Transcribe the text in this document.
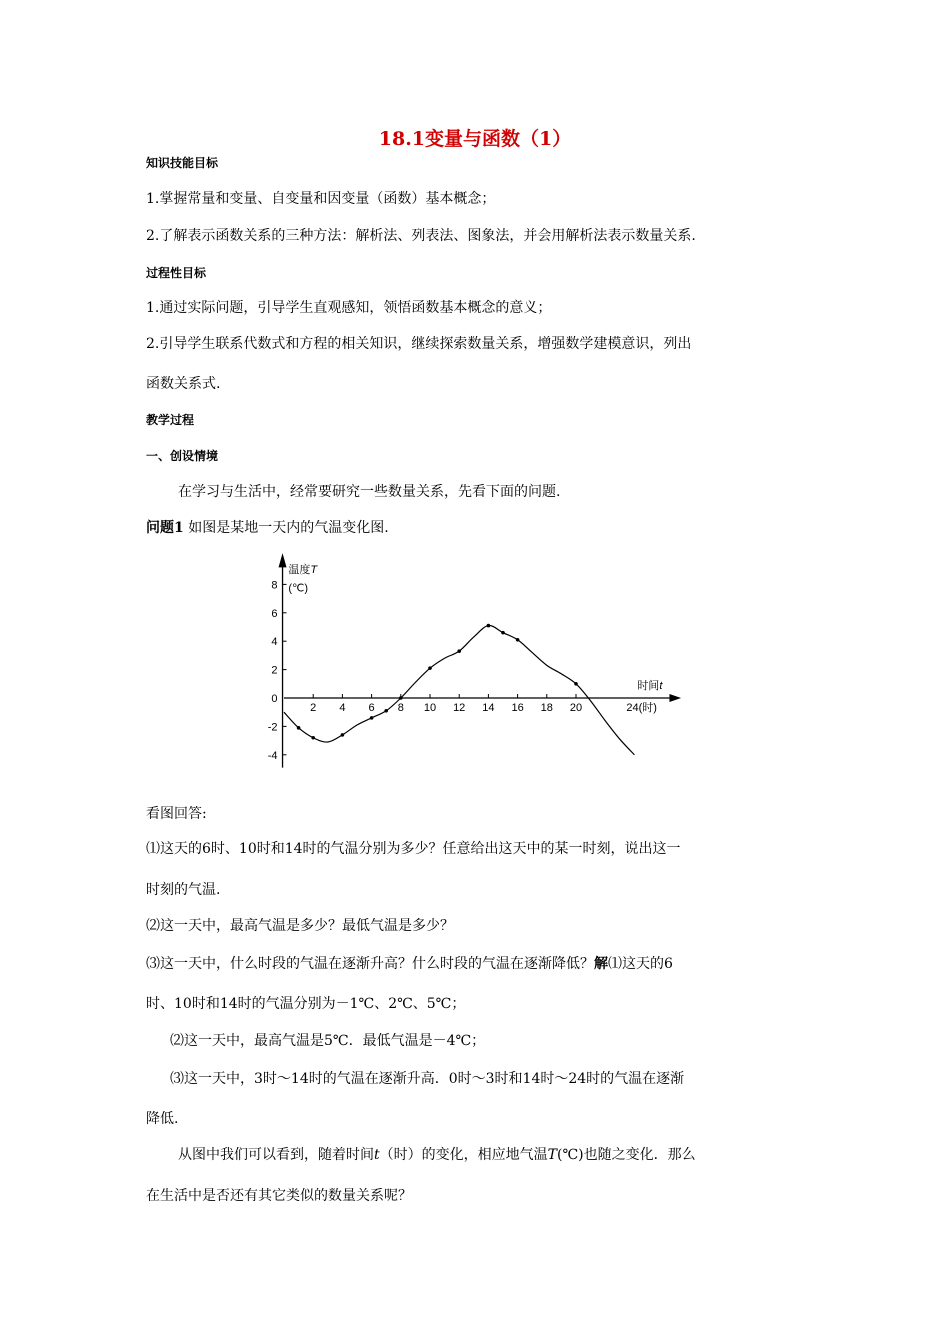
18.1变量与函数（1）
知识技能目标
1.掌握常量和变量、自变量和因变量（函数）基本概念；
2.了解表示函数关系的三种方法：解析法、列表法、图象法，并会用解析法表示数量关系.
过程性目标
1.通过实际问题，引导学生直观感知，领悟函数基本概念的意义；
2.引导学生联系代数式和方程的相关知识，继续探索数量关系，增强数学建模意识，列出
函数关系式.
教学过程
一、创设情境
在学习与生活中，经常要研究一些数量关系，先看下面的问题.
问题1 如图是某地一天内的气温变化图.
2 4 6 8 10 12 14 16 18 20
8
6
4
2
0
-2
-4
温度T
(℃)
时间t
24(时)
看图回答:
⑴这天的6时、10时和14时的气温分别为多少？任意给出这天中的某一时刻，说出这一
时刻的气温.
⑵这一天中，最高气温是多少？最低气温是多少？
⑶这一天中，什么时段的气温在逐渐升高？什么时段的气温在逐渐降低？解⑴这天的6
时、10时和14时的气温分别为－1℃、2℃、5℃；
⑵这一天中，最高气温是5℃．最低气温是－4℃；
⑶这一天中，3时～14时的气温在逐渐升高．0时～3时和14时～24时的气温在逐渐
降低.
从图中我们可以看到，随着时间t（时）的变化，相应地气温T(℃)也随之变化．那么
在生活中是否还有其它类似的数量关系呢？
